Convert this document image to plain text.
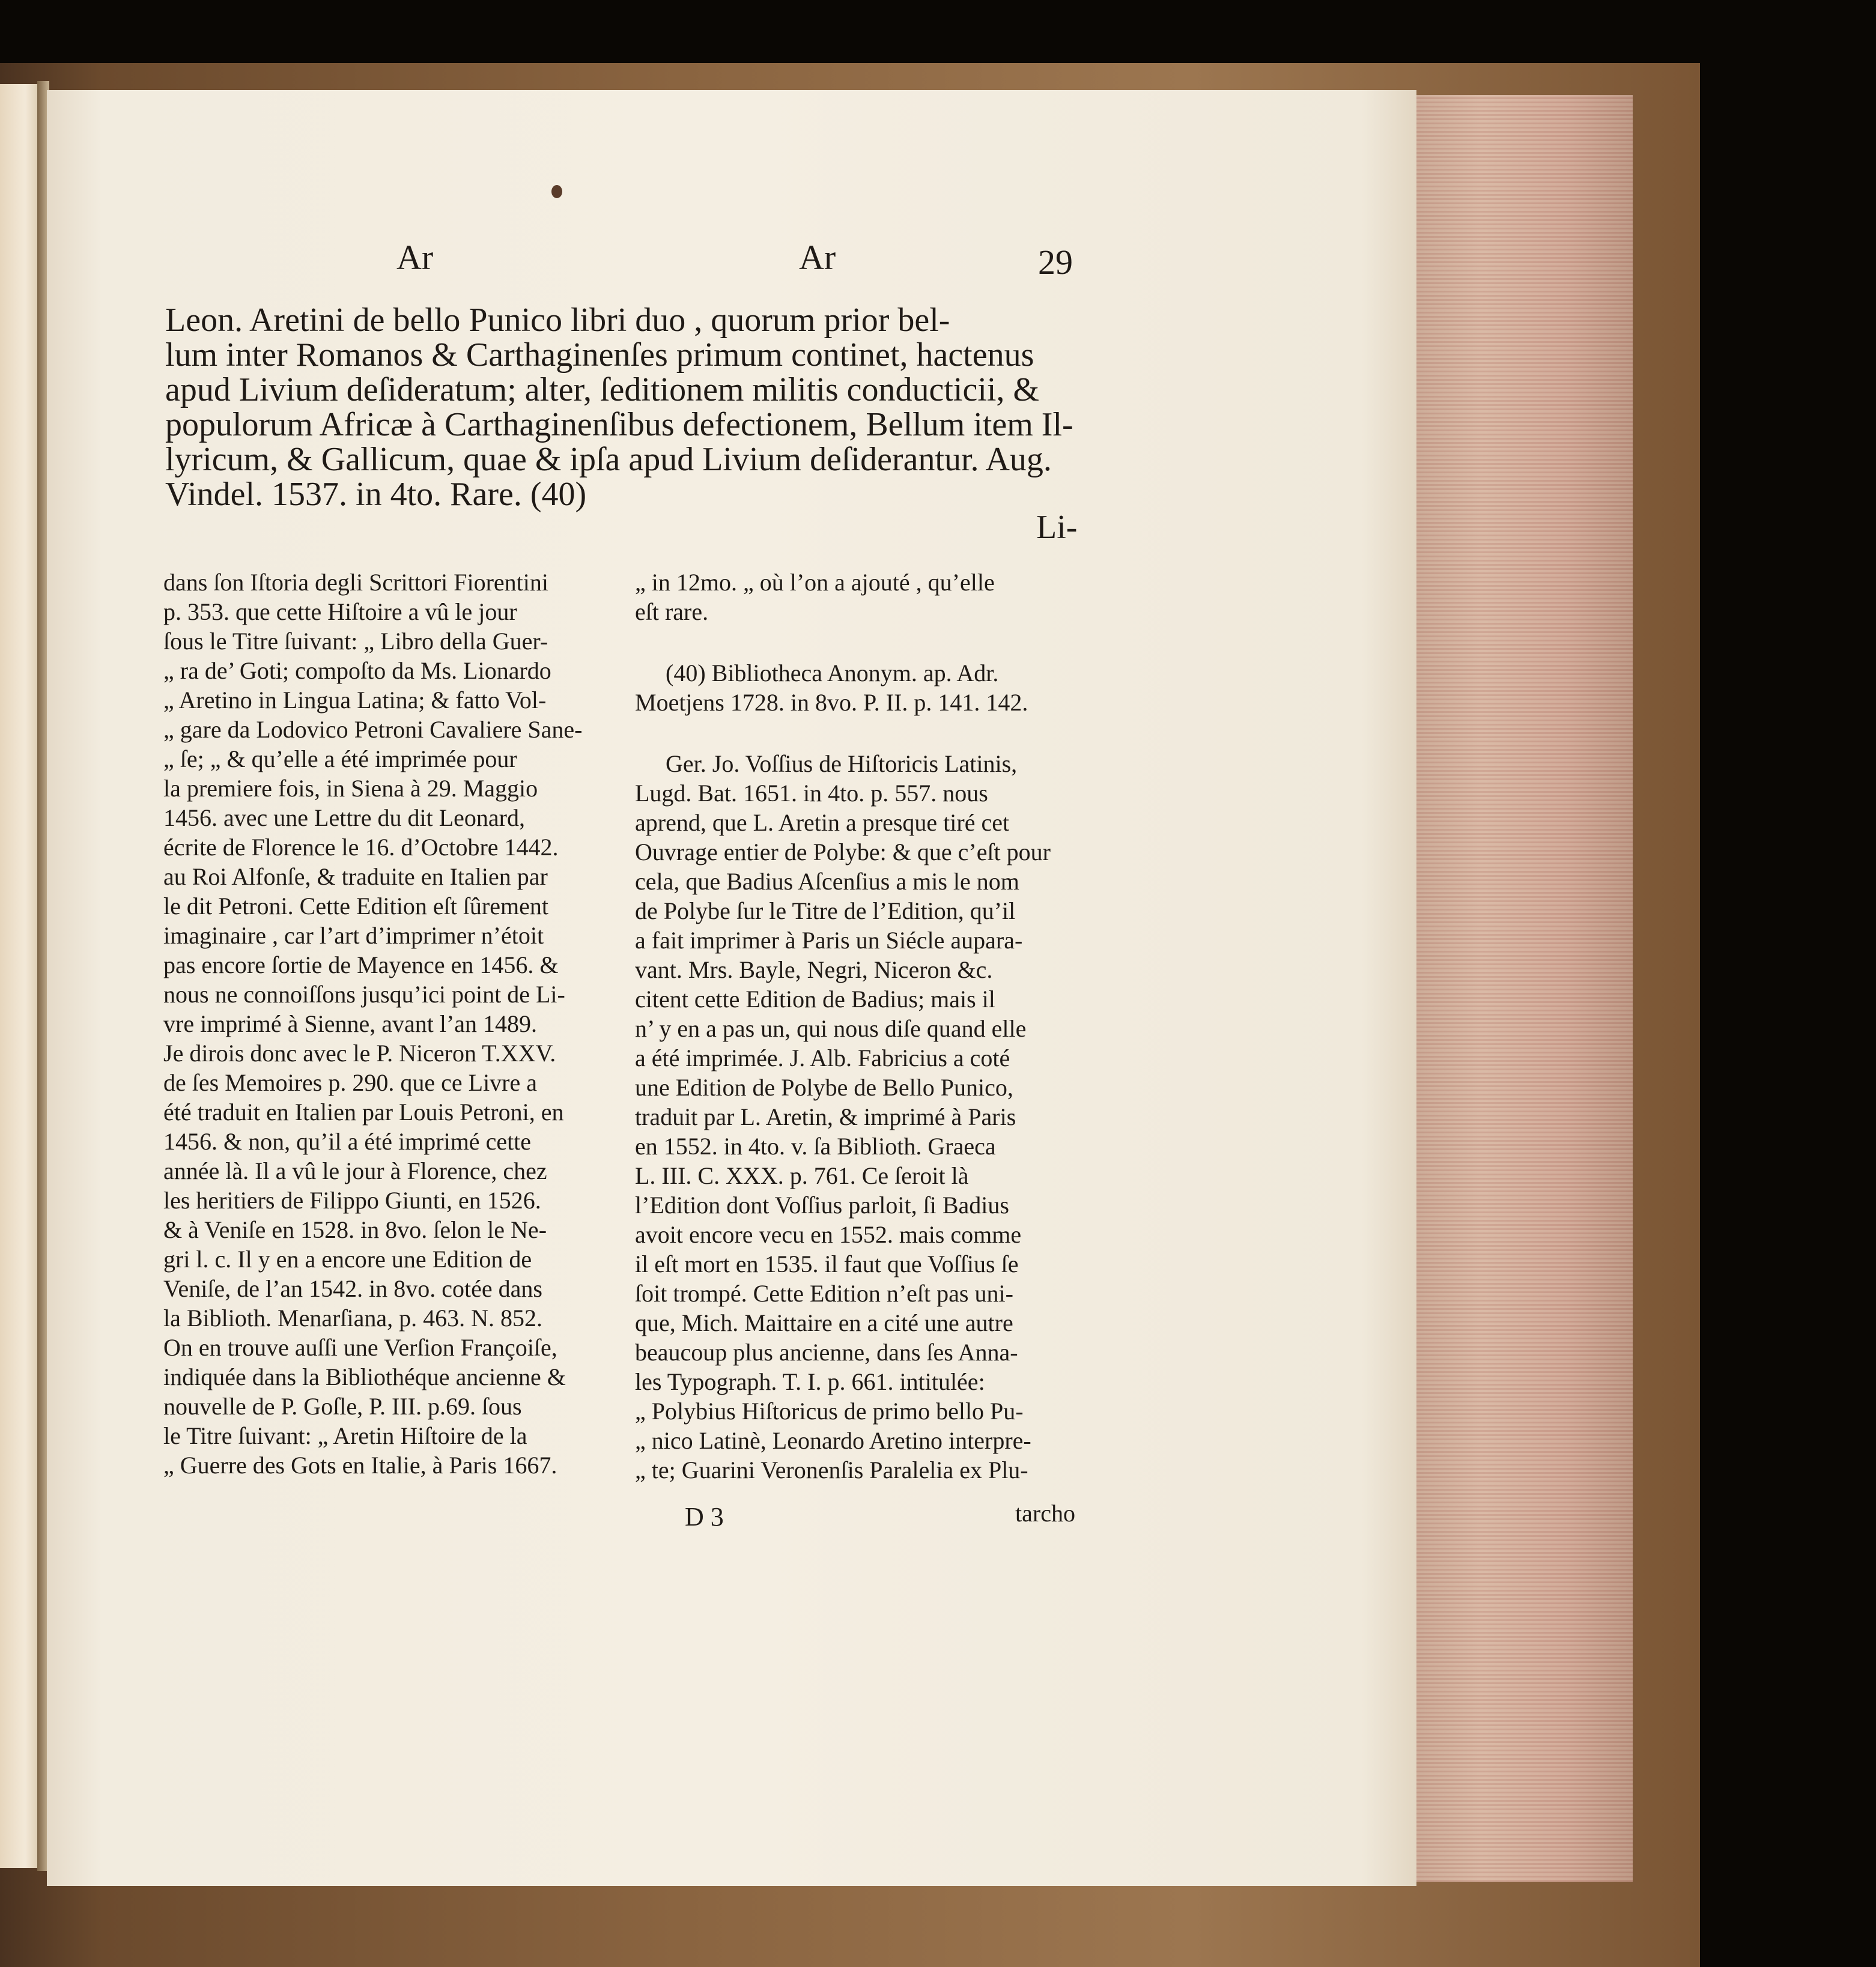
Ar	Ar	29
Leon. Aretini de bello Punico libri duo , quorum prior bel-
lum inter Romanos & Carthaginenſes primum continet, hactenus
apud Livium deſideratum; alter, ſeditionem militis conducticii, &
populorum Africæ à Carthaginenſibus defectionem, Bellum item Il-
lyricum, & Gallicum, quae & ipſa apud Livium deſiderantur. Aug.
Vindel. 1537. in 4to. Rare. (40)
Li-
dans ſon Iſtoria degli Scrittori Fiorentini
p. 353. que cette Hiſtoire a vû le jour
ſous le Titre ſuivant: „ Libro della Guer-
„ ra de’ Goti; compoſto da Ms. Lionardo
„ Aretino in Lingua Latina; & fatto Vol-
„ gare da Lodovico Petroni Cavaliere Sane-
„ ſe; „ & qu’elle a été imprimée pour
la premiere fois, in Siena à 29. Maggio
1456. avec une Lettre du dit Leonard,
écrite de Florence le 16. d’Octobre 1442.
au Roi Alfonſe, & traduite en Italien par
le dit Petroni. Cette Edition eſt ſûrement
imaginaire , car l’art d’imprimer n’étoit
pas encore ſortie de Mayence en 1456. &
nous ne connoiſſons jusqu’ici point de Li-
vre imprimé à Sienne, avant l’an 1489.
Je dirois donc avec le P. Niceron T.XXV.
de ſes Memoires p. 290. que ce Livre a
été traduit en Italien par Louis Petroni, en
1456. & non, qu’il a été imprimé cette
année là. Il a vû le jour à Florence, chez
les heritiers de Filippo Giunti, en 1526.
& à Veniſe en 1528. in 8vo. ſelon le Ne-
gri l. c. Il y en a encore une Edition de
Veniſe, de l’an 1542. in 8vo. cotée dans
la Biblioth. Menarſiana, p. 463. N. 852.
On en trouve auſſi une Verſion Françoiſe,
indiquée dans la Bibliothéque ancienne &
nouvelle de P. Goſle, P. III. p.69. ſous
le Titre ſuivant: „ Aretin Hiſtoire de la
„ Guerre des Gots en Italie, à Paris 1667.
D 3
„ in 12mo. „ où l’on a ajouté , qu’elle
eſt rare.
(40) Bibliotheca Anonym. ap. Adr.
Moetjens 1728. in 8vo. P. II. p. 141. 142.
Ger. Jo. Voſſius de Hiſtoricis Latinis,
Lugd. Bat. 1651. in 4to. p. 557. nous
aprend, que L. Aretin a presque tiré cet
Ouvrage entier de Polybe: & que c’eſt pour
cela, que Badius Aſcenſius a mis le nom
de Polybe ſur le Titre de l’Edition, qu’il
a fait imprimer à Paris un Siécle aupara-
vant. Mrs. Bayle, Negri, Niceron &c.
citent cette Edition de Badius; mais il
n’ y en a pas un, qui nous diſe quand elle
a été imprimée. J. Alb. Fabricius a coté
une Edition de Polybe de Bello Punico,
traduit par L. Aretin, & imprimé à Paris
en 1552. in 4to. v. ſa Biblioth. Graeca
L. III. C. XXX. p. 761. Ce ſeroit là
l’Edition dont Voſſius parloit, ſi Badius
avoit encore vecu en 1552. mais comme
il eſt mort en 1535. il faut que Voſſius ſe
ſoit trompé. Cette Edition n’eſt pas uni-
que, Mich. Maittaire en a cité une autre
beaucoup plus ancienne, dans ſes Anna-
les Typograph. T. I. p. 661. intitulée:
„ Polybius Hiſtoricus de primo bello Pu-
„ nico Latinè, Leonardo Aretino interpre-
„ te; Guarini Veronenſis Paralelia ex Plu-
tarcho
